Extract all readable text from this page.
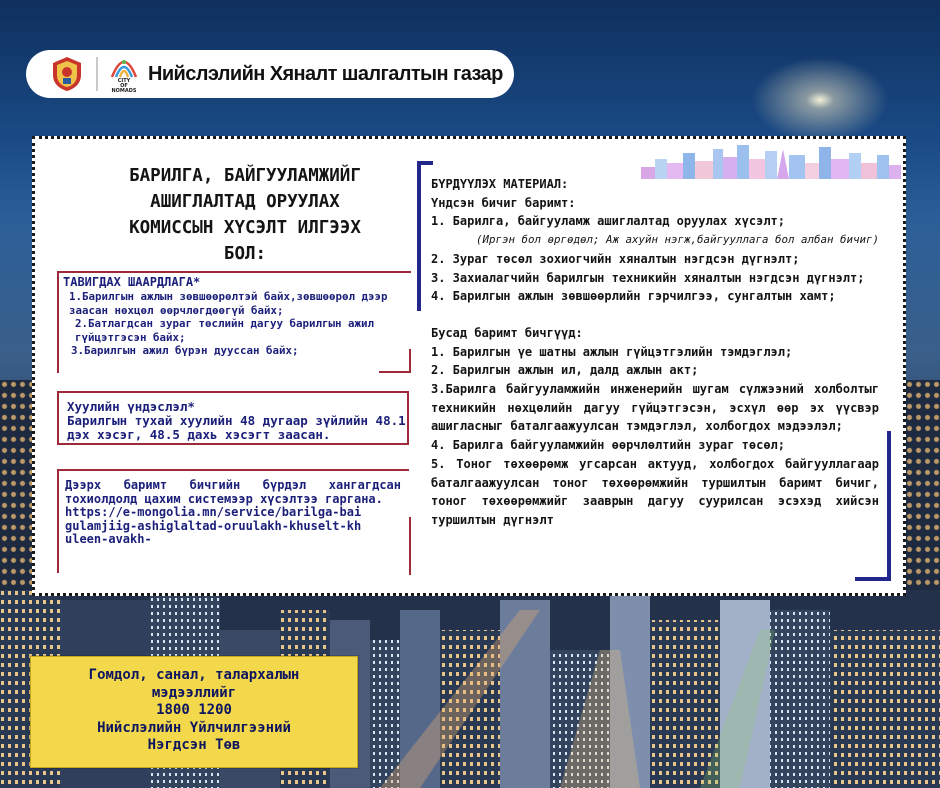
CITY
OF
NOMADS
Нийслэлийн Хяналт шалгалтын газар
БАРИЛГА, БАЙГУУЛАМЖИЙГ
АШИГЛАЛТАД ОРУУЛАХ
КОМИССЫН ХҮСЭЛТ ИЛГЭЭХ
БОЛ:
ТАВИГДАХ ШААРДЛАГА*
1.Барилгын ажлын зөвшөөрөлтэй байх,зөвшөөрөл дээр заасан нөхцөл өөрчлөгдөөгүй байх;
2.Батлагдсан зураг төслийн дагуу барилгын ажил гүйцэтгэсэн байх;
3.Барилгын ажил бүрэн дууссан байх;
Хуулийн үндэслэл*
Барилгын тухай хуулийн 48 дугаар зүйлийн 48.1 дэх хэсэг, 48.5 дахь хэсэгт заасан.
Дээрх баримт бичгийн бүрдэл хангагдсан тохиолдолд цахим системээр хүсэлтээ гаргана.
https://e-mongolia.mn/service/barilga-baigulamjiig-ashiglaltad-oruulakh-khuselt-khuleen-avakh-
БҮРДҮҮЛЭХ МАТЕРИАЛ:
Үндсэн бичиг баримт:
1. Барилга, байгууламж ашиглалтад оруулах хүсэлт;
(Иргэн бол өргөдөл; Аж ахуйн нэгж,байгууллага бол албан бичиг)
2. Зураг төсөл зохиогчийн хяналтын нэгдсэн дүгнэлт;
3. Захиалагчийн барилгын техникийн хяналтын нэгдсэн дүгнэлт;
4. Барилгын ажлын зөвшөөрлийн гэрчилгээ, сунгалтын хамт;
Бусад баримт бичгүүд:
1. Барилгын үе шатны ажлын гүйцэтгэлийн тэмдэглэл;
2. Барилгын ажлын ил, далд ажлын акт;
3.Барилга байгууламжийн инженерийн шугам сүлжээний холболтыг техникийн нөхцөлийн дагуу гүйцэтгэсэн, эсхүл өөр эх үүсвэр ашигласныг баталгаажуулсан тэмдэглэл, холбогдох мэдээлэл;
4. Барилга байгууламжийн өөрчлөлтийн зураг төсөл;
5. Тоног төхөөрөмж угсарсан актууд, холбогдох байгууллагаар баталгаажуулсан тоног төхөөрөмжийн туршилтын баримт бичиг, тоног төхөөрөмжийг зааврын дагуу суурилсан эсэхэд хийсэн туршилтын дүгнэлт
Гомдол, санал, талархалын
мэдээллийг
1800 1200
Нийслэлийн Үйлчилгээний
Нэгдсэн Төв
